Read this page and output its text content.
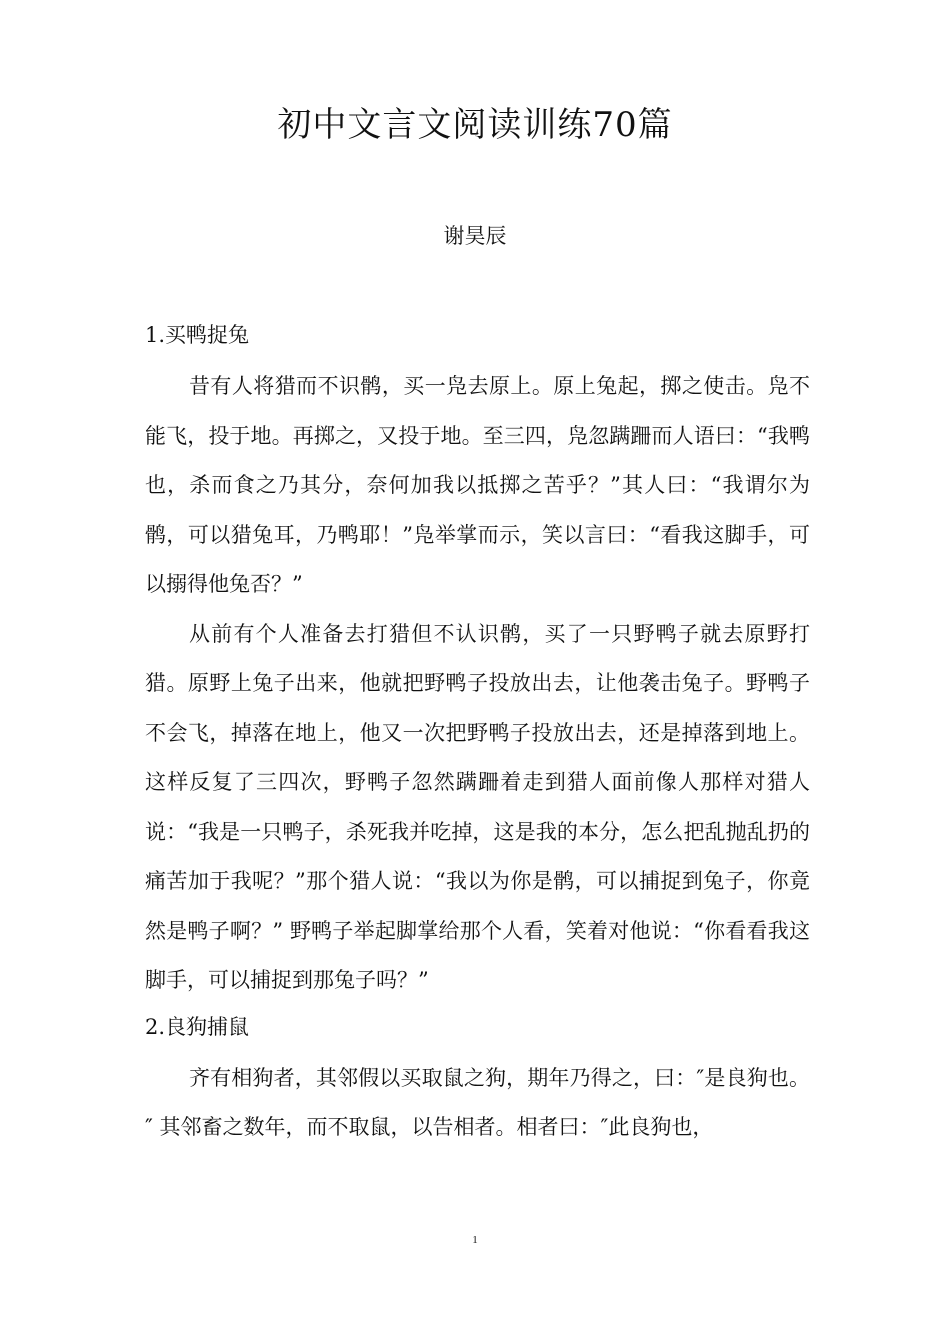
初中文言文阅读训练70篇
谢昊辰
1.买鸭捉兔

昔有人将猎而不识鹘，买一凫去原上。原上兔起，掷之使击。凫不能飞，投于地。再掷之，又投于地。至三四，凫忽蹒跚而人语曰：“我鸭也，杀而食之乃其分，奈何加我以抵掷之苦乎？”其人曰：“我谓尔为鹘，可以猎兔耳，乃鸭耶！”凫举掌而示，笑以言曰：“看我这脚手，可以搦得他兔否？”

从前有个人准备去打猎但不认识鹘，买了一只野鸭子就去原野打猎。原野上兔子出来，他就把野鸭子投放出去，让他袭击兔子。野鸭子不会飞，掉落在地上，他又一次把野鸭子投放出去，还是掉落到地上。这样反复了三四次，野鸭子忽然蹒跚着走到猎人面前像人那样对猎人说：“我是一只鸭子，杀死我并吃掉，这是我的本分，怎么把乱抛乱扔的痛苦加于我呢？”那个猎人说：“我以为你是鹘，可以捕捉到兔子，你竟然是鸭子啊？” 野鸭子举起脚掌给那个人看，笑着对他说：“你看看我这脚手，可以捕捉到那兔子吗？”

2.良狗捕鼠

齐有相狗者，其邻假以买取鼠之狗，期年乃得之，曰：″是良狗也。″ 其邻畜之数年，而不取鼠，以告相者。相者曰：″此良狗也，

1
